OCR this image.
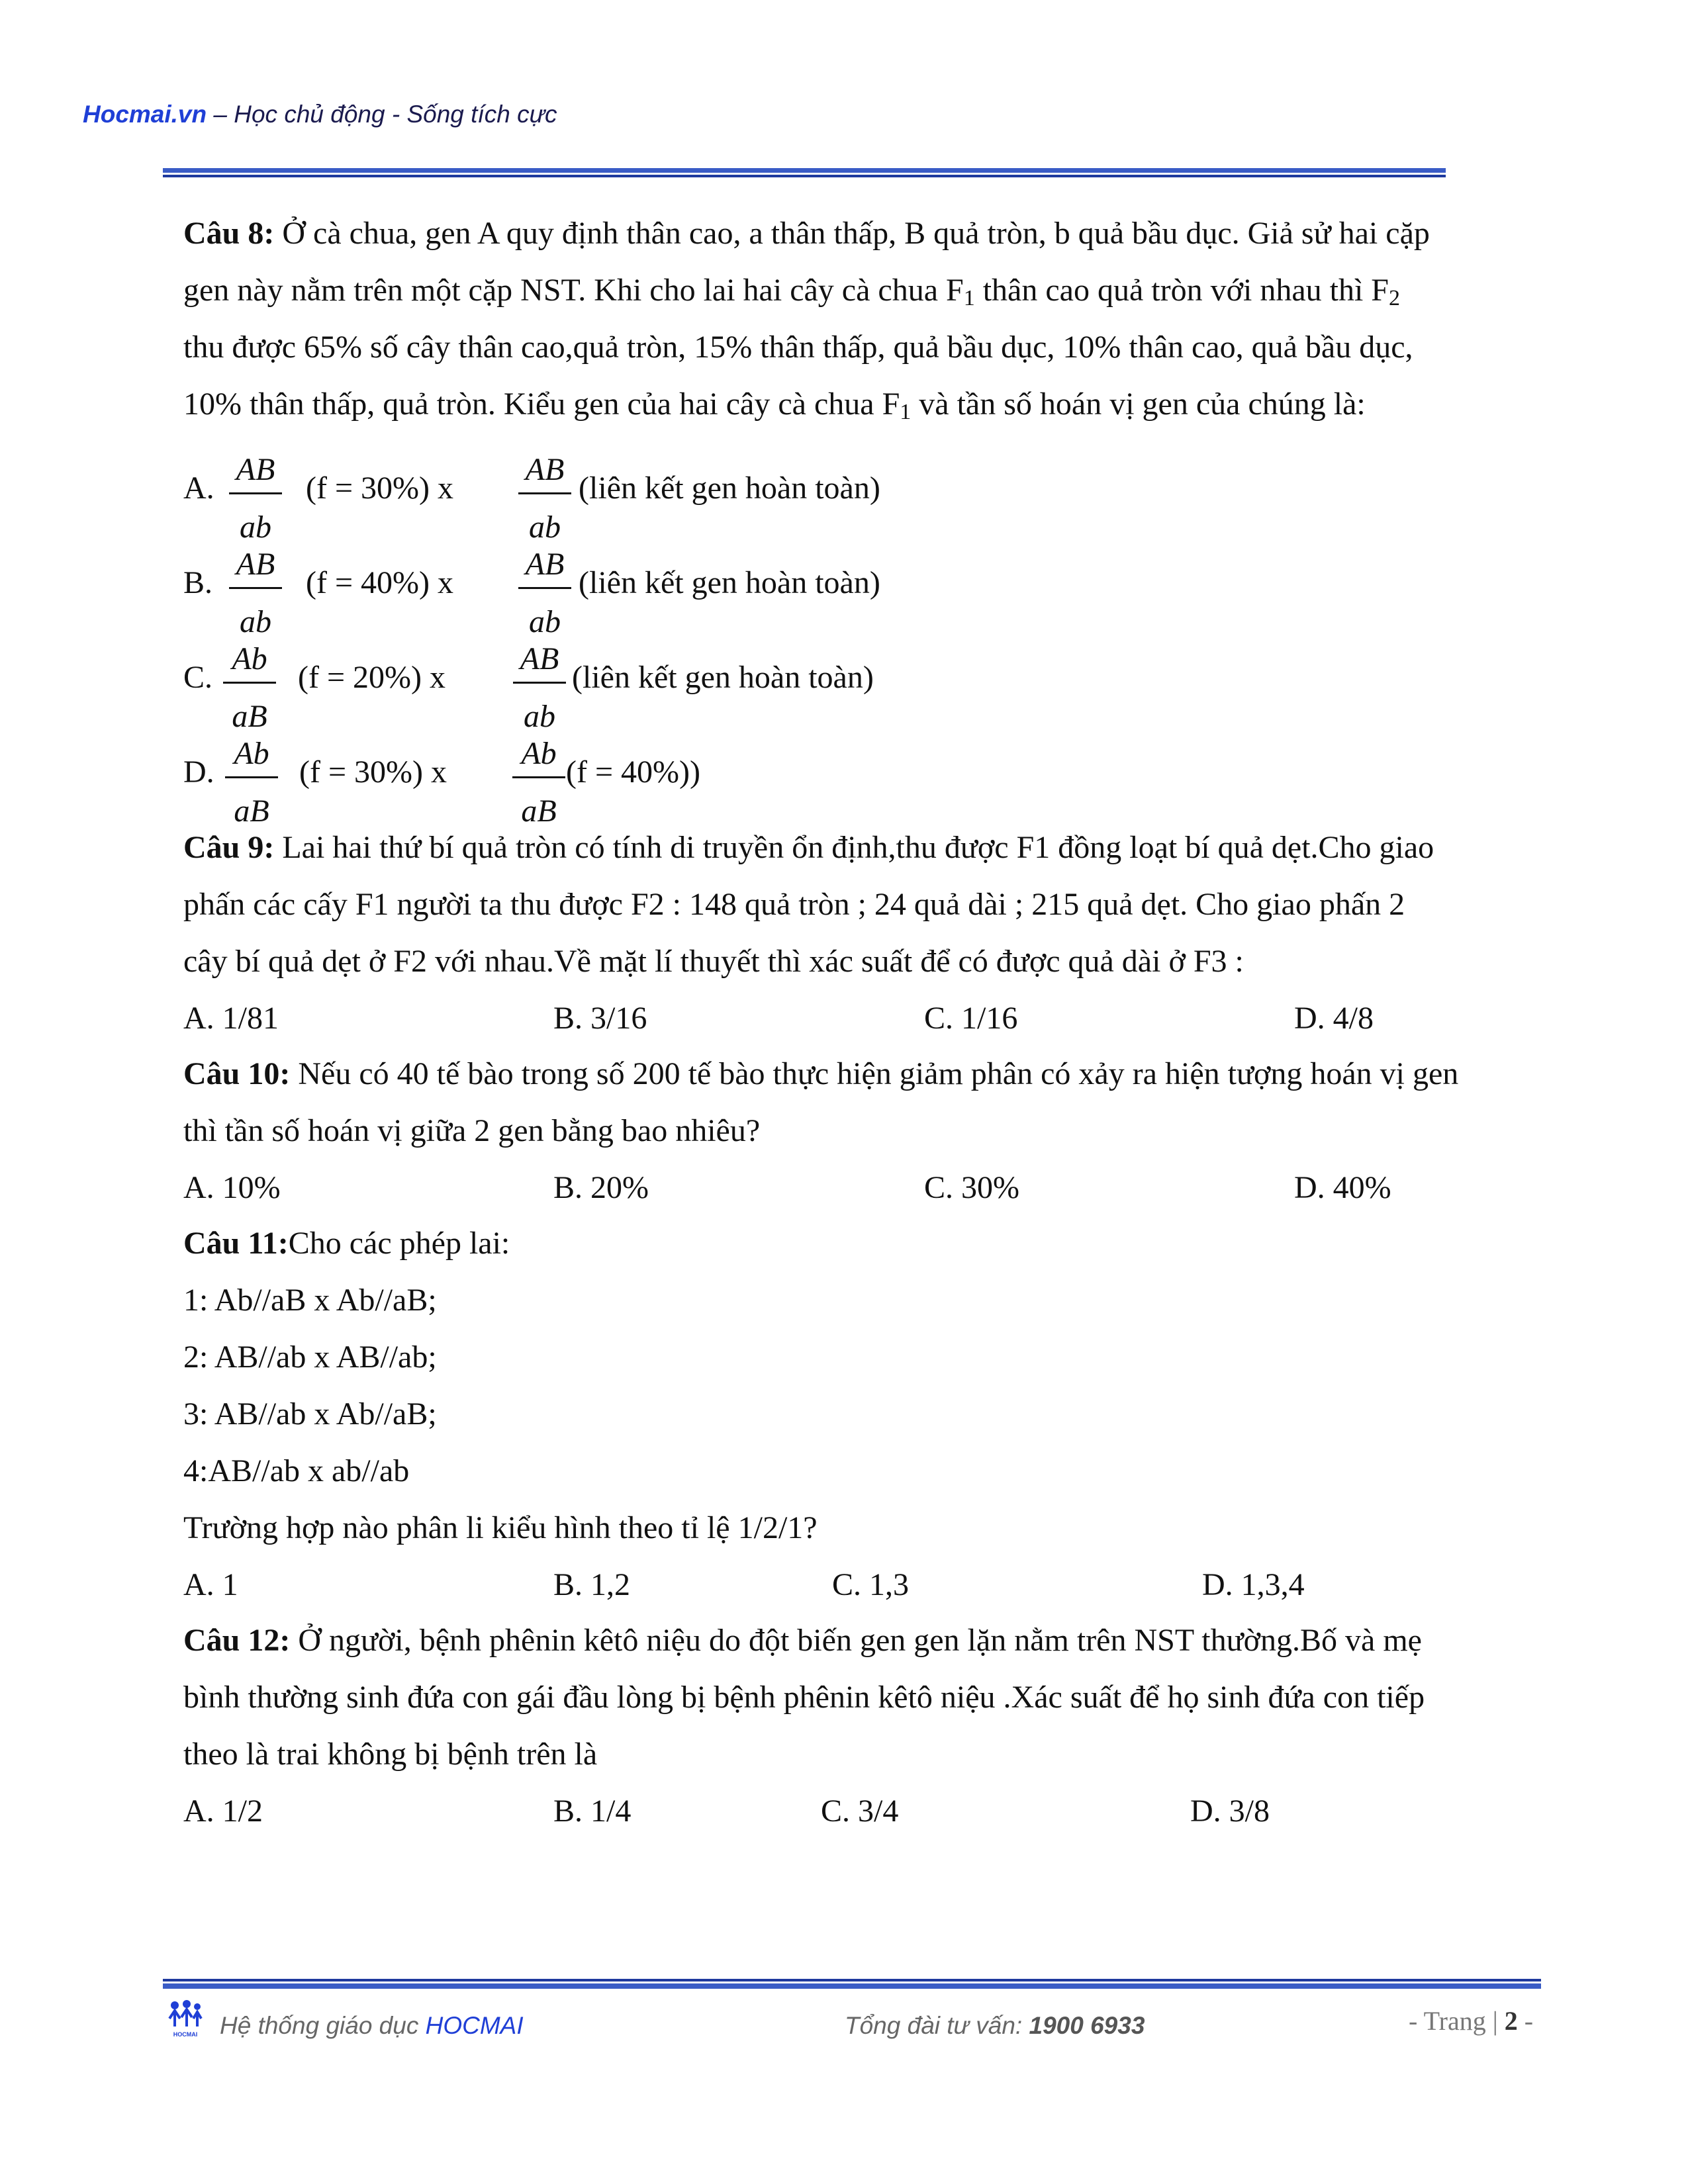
Hocmai.vn – Học chủ động - Sống tích cực
Câu 8: Ở cà chua, gen A quy định thân cao, a thân thấp, B quả tròn, b quả bầu dục. Giả sử hai cặp
gen này nằm trên một cặp NST. Khi cho lai hai cây cà chua $F_1$ thân cao quả tròn với nhau thì $F_2$
thu được 65% số cây thân cao,quả tròn, 15% thân thấp, quả bầu dục, 10% thân cao, quả bầu dục,
10% thân thấp, quả tròn. Kiểu gen của hai cây cà chua $F_1$ và tần số hoán vị gen của chúng là:
A. $\frac{AB}{ab} (f = 30\%)$ x $\frac{AB}{ab}$ (liên kết gen hoàn toàn)
B. $\frac{AB}{ab} (f = 40\%)$ x $\frac{AB}{ab}$ (liên kết gen hoàn toàn)
C. $\frac{Ab}{aB} (f = 20\%)$ x $\frac{AB}{ab}$ (liên kết gen hoàn toàn)
D. $\frac{Ab}{aB} (f = 30\%)$ x $\frac{Ab}{aB} (f = 40\%)$)
Câu 9: Lai hai thứ bí quả tròn có tính di truyền ổn định,thu được F1 đồng loạt bí quả dẹt.Cho giao
phấn các cấy F1 người ta thu được F2 : 148 quả tròn ; 24 quả dài ; 215 quả dẹt. Cho giao phấn 2
cây bí quả dẹt ở F2 với nhau.Về mặt lí thuyết thì xác suất để có được quả dài ở F3 :
A. 1/81	B. 3/16	C. 1/16	D. 4/8
Câu 10: Nếu có 40 tế bào trong số 200 tế bào thực hiện giảm phân có xảy ra hiện tượng hoán vị gen
thì tần số hoán vị giữa 2 gen bằng bao nhiêu?
A. 10%	B. 20%	C. 30%	D. 40%
Câu 11:Cho các phép lai:
1: Ab//aB x Ab//aB;
2: AB//ab x AB//ab;
3: AB//ab x Ab//aB;
4:AB//ab x ab//ab
Trường hợp nào phân li kiểu hình theo tỉ lệ 1/2/1?
A. 1	B. 1,2	C. 1,3	D. 1,3,4
Câu 12: Ở người, bệnh phênin kêtô niệu do đột biến gen gen lặn nằm trên NST thường.Bố và mẹ
bình thường sinh đứa con gái đầu lòng bị bệnh phênin kêtô niệu .Xác suất để họ sinh đứa con tiếp
theo là trai không bị bệnh trên là
A. 1/2	B. 1/4	C. 3/4	D. 3/8
HOCMAI Hệ thống giáo dục HOCMAI	Tổng đài tư vấn: 1900 6933	- Trang | 2 -
